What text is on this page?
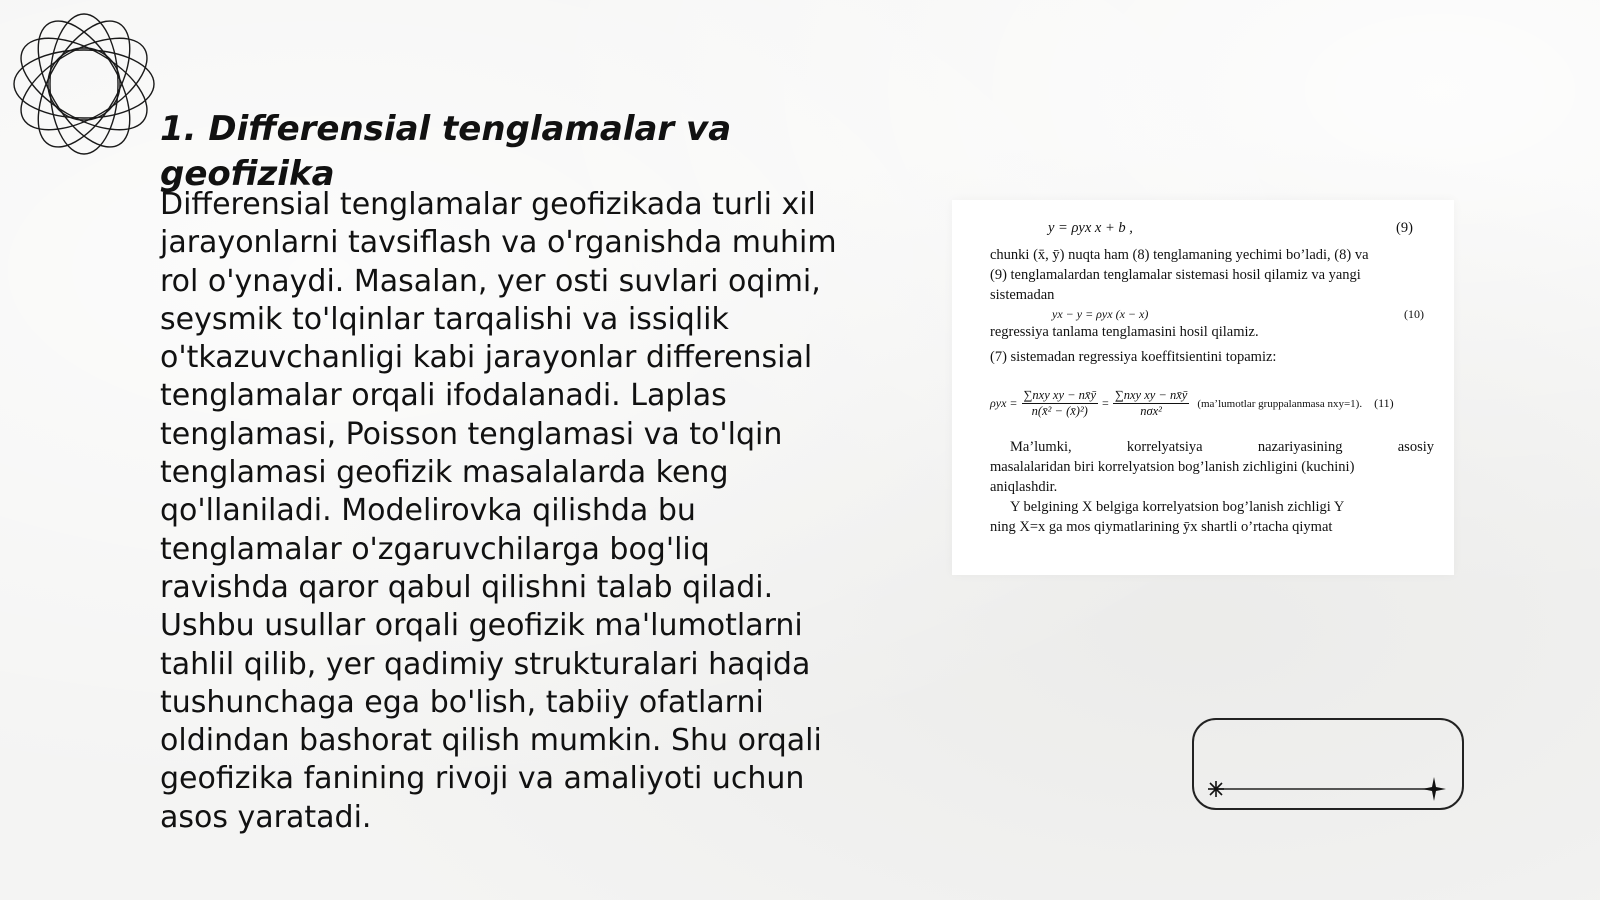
1. Differensial tenglamalar va geofizika

Differensial tenglamalar geofizikada turli xil jarayonlarni tavsiflash va o'rganishda muhim rol o'ynaydi. Masalan, yer osti suvlari oqimi, seysmik to'lqinlar tarqalishi va issiqlik o'tkazuvchanligi kabi jarayonlar differensial tenglamalar orqali ifodalanadi. Laplas tenglamasi, Poisson tenglamasi va to'lqin tenglamasi geofizik masalalarda keng qo'llaniladi. Modelirovka qilishda bu tenglamalar o'zgaruvchilarga bog'liq ravishda qaror qabul qilishni talab qiladi. Ushbu usullar orqali geofizik ma'lumotlarni tahlil qilib, yer qadimiy strukturalari haqida tushunchaga ega bo'lish, tabiiy ofatlarni oldindan bashorat qilish mumkin. Shu orqali geofizika fanining rivoji va amaliyoti uchun asos yaratadi.

y = ρyx x + b ,	(9)
chunki (x̄, ȳ) nuqta ham (8) tenglamaning yechimi bo’ladi, (8) va
(9) tenglamalardan tenglamalar sistemasi hosil qilamiz va yangi
sistemadan
yx − y = ρyx (x − x)	(10)
regressiya tanlama tenglamasini hosil qilamiz.
(7) sistemadan regressiya koeffitsientini topamiz:
$\rho yx = \frac{\text{∑nxy xy − nx̄ȳ}}{\text{n(x̄² − (x̄)²)}} = \frac{\text{∑nxy xy − nx̄ȳ}}{\text{nσx²}}$ (ma’lumotlar gruppalanmasa nxy=1). (11)
Ma’lumki,	korrelyatsiya	nazariyasining	asosiy
masalalaridan biri korrelyatsion bog’lanish zichligini (kuchini)
aniqlashdir.
Y belgining X belgiga korrelyatsion bog’lanish zichligi Y
ning X=x ga mos qiymatlarining ȳx shartli o’rtacha qiymat
